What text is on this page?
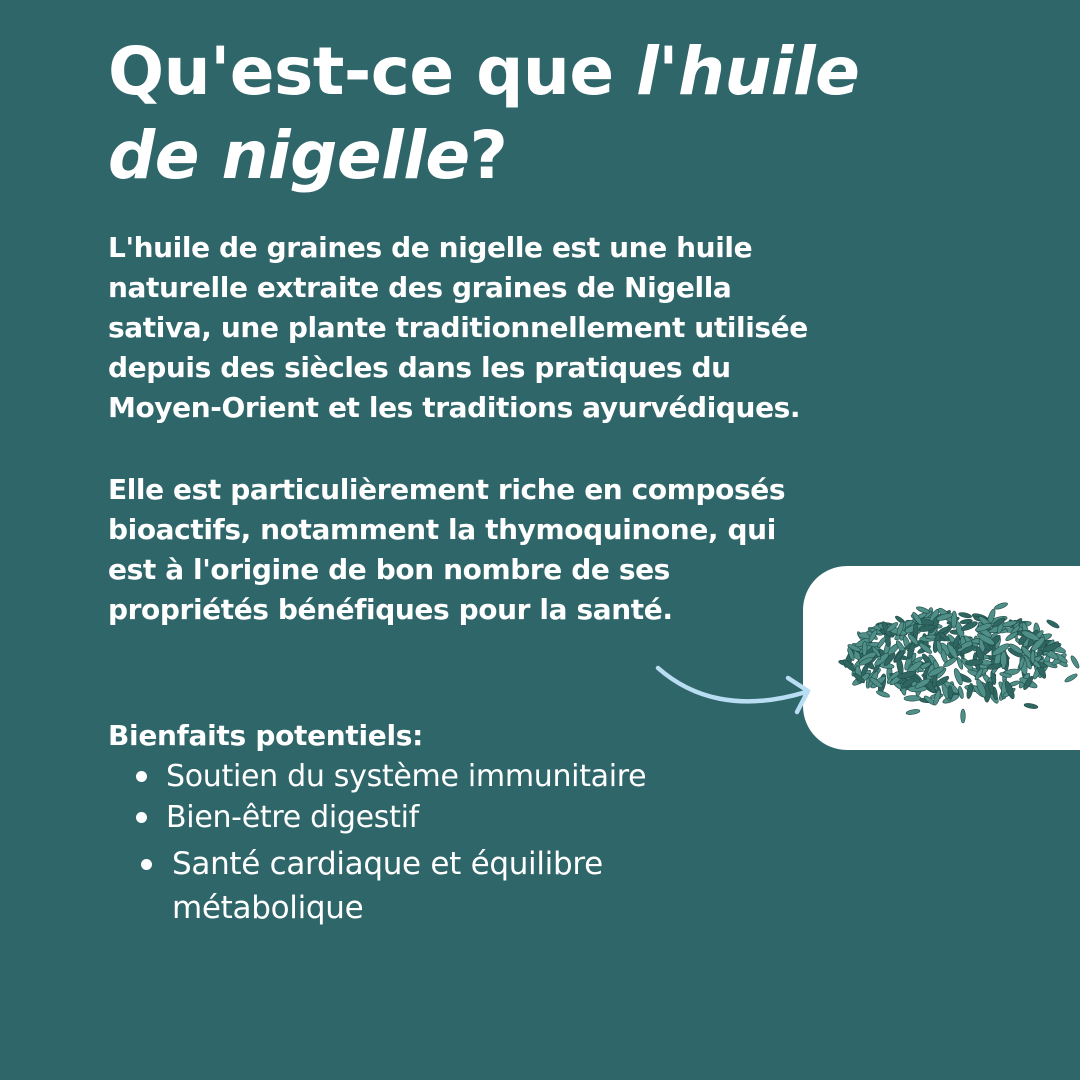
Qu'est-ce que l'huile
de nigelle?

L'huile de graines de nigelle est une huile
naturelle extraite des graines de Nigella
sativa, une plante traditionnellement utilisée
depuis des siècles dans les pratiques du
Moyen-Orient et les traditions ayurvédiques.

Elle est particulièrement riche en composés
bioactifs, notamment la thymoquinone, qui
est à l'origine de bon nombre de ses
propriétés bénéfiques pour la santé.

Bienfaits potentiels:
Soutien du système immunitaire
Bien-être digestif
Santé cardiaque et équilibre
métabolique
